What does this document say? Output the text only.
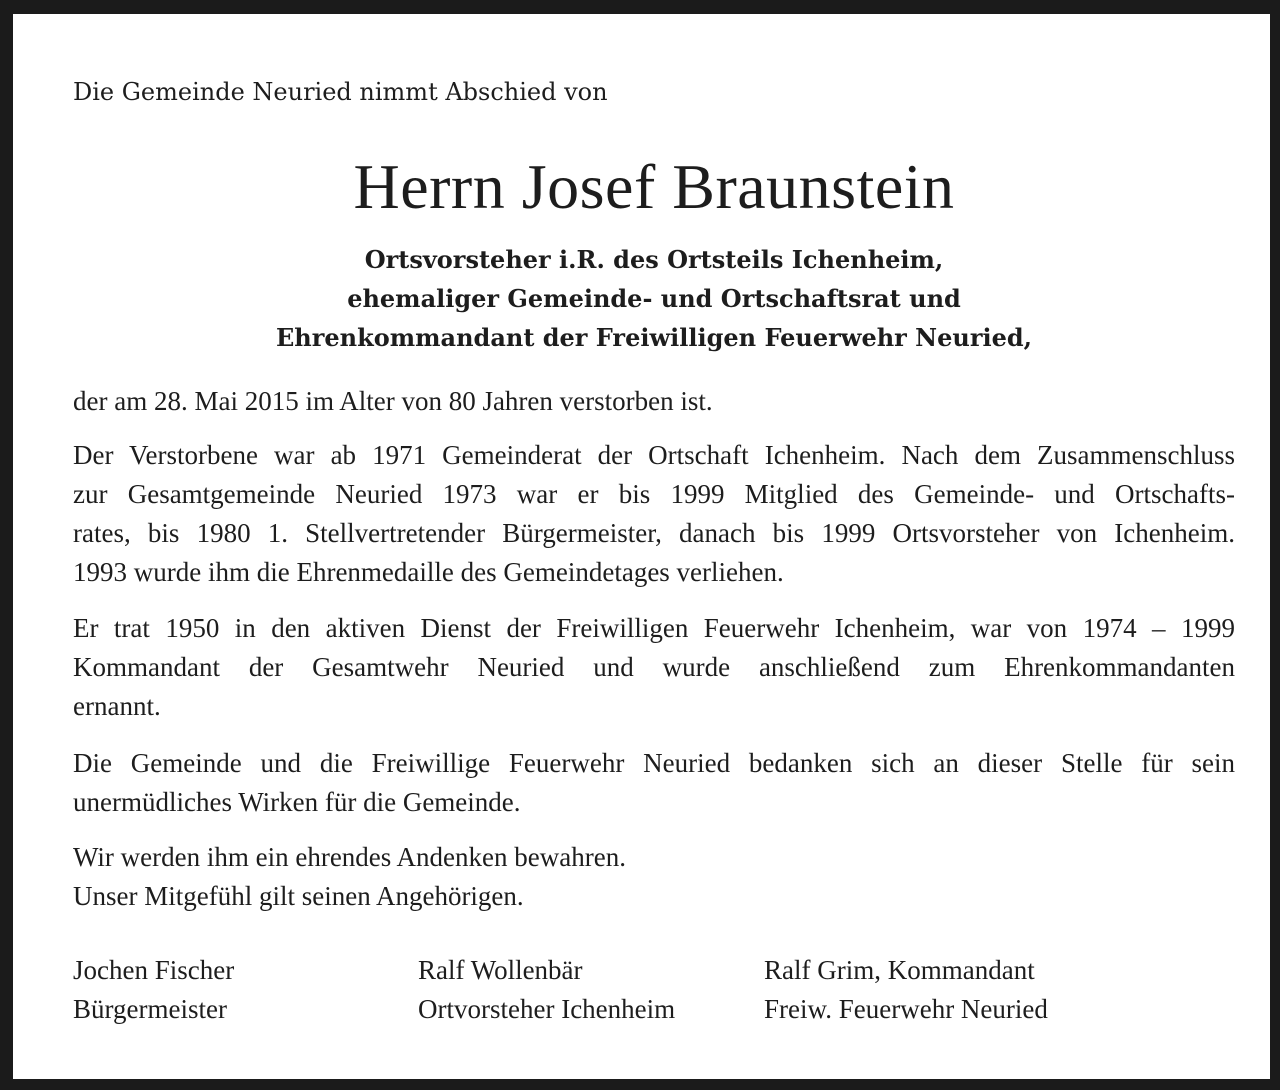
Die Gemeinde Neuried nimmt Abschied von
Herrn Josef Braunstein
Ortsvorsteher i.R. des Ortsteils Ichenheim,
ehemaliger Gemeinde- und Ortschaftsrat und
Ehrenkommandant der Freiwilligen Feuerwehr Neuried,
der am 28. Mai 2015 im Alter von 80 Jahren verstorben ist.
Der Verstorbene war ab 1971 Gemeinderat der Ortschaft Ichenheim. Nach dem Zusammenschluss
zur Gesamtgemeinde Neuried 1973 war er bis 1999 Mitglied des Gemeinde- und Ortschafts-
rates, bis 1980 1. Stellvertretender Bürgermeister, danach bis 1999 Ortsvorsteher von Ichenheim.
1993 wurde ihm die Ehrenmedaille des Gemeindetages verliehen.
Er trat 1950 in den aktiven Dienst der Freiwilligen Feuerwehr Ichenheim, war von 1974 – 1999
Kommandant der Gesamtwehr Neuried und wurde anschließend zum Ehrenkommandanten
ernannt.
Die Gemeinde und die Freiwillige Feuerwehr Neuried bedanken sich an dieser Stelle für sein
unermüdliches Wirken für die Gemeinde.
Wir werden ihm ein ehrendes Andenken bewahren.
Unser Mitgefühl gilt seinen Angehörigen.
Jochen Fischer
Bürgermeister
Ralf Wollenbär
Ortvorsteher Ichenheim
Ralf Grim, Kommandant
Freiw. Feuerwehr Neuried
